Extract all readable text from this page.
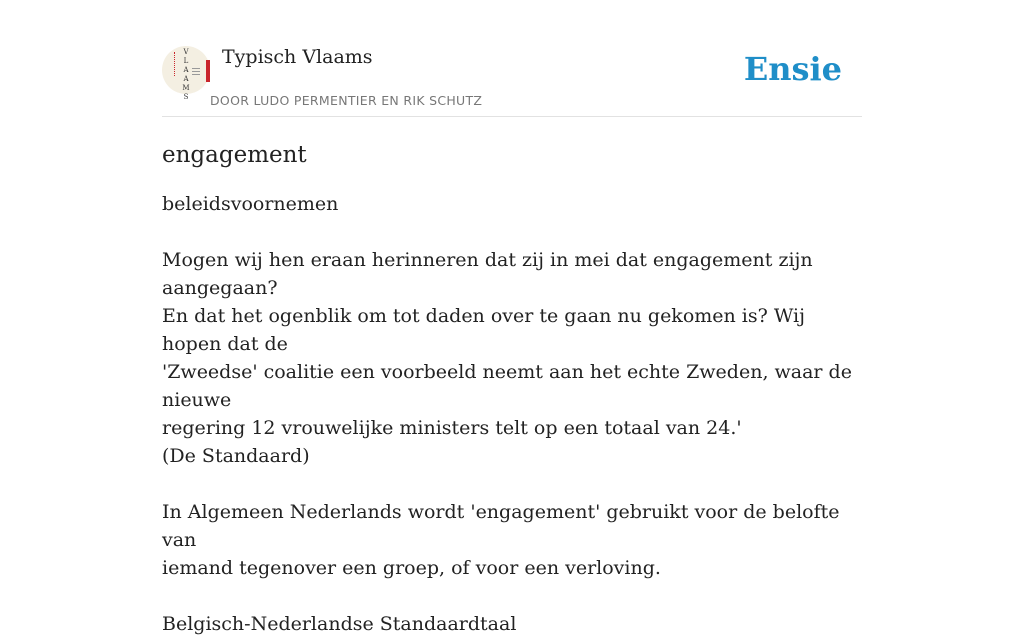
V
L
A
A
M
S
Typisch Vlaams
DOOR LUDO PERMENTIER EN RIK SCHUTZ
Ensie
engagement
beleidsvoornemen
Mogen wij hen eraan herinneren dat zij in mei dat engagement zijn aangegaan?
En dat het ogenblik om tot daden over te gaan nu gekomen is? Wij hopen dat de
'Zweedse' coalitie een voorbeeld neemt aan het echte Zweden, waar de nieuwe
regering 12 vrouwelijke ministers telt op een totaal van 24.'
(De Standaard)
In Algemeen Nederlands wordt 'engagement' gebruikt voor de belofte van
iemand tegenover een groep, of voor een verloving.
Belgisch-Nederlandse Standaardtaal
